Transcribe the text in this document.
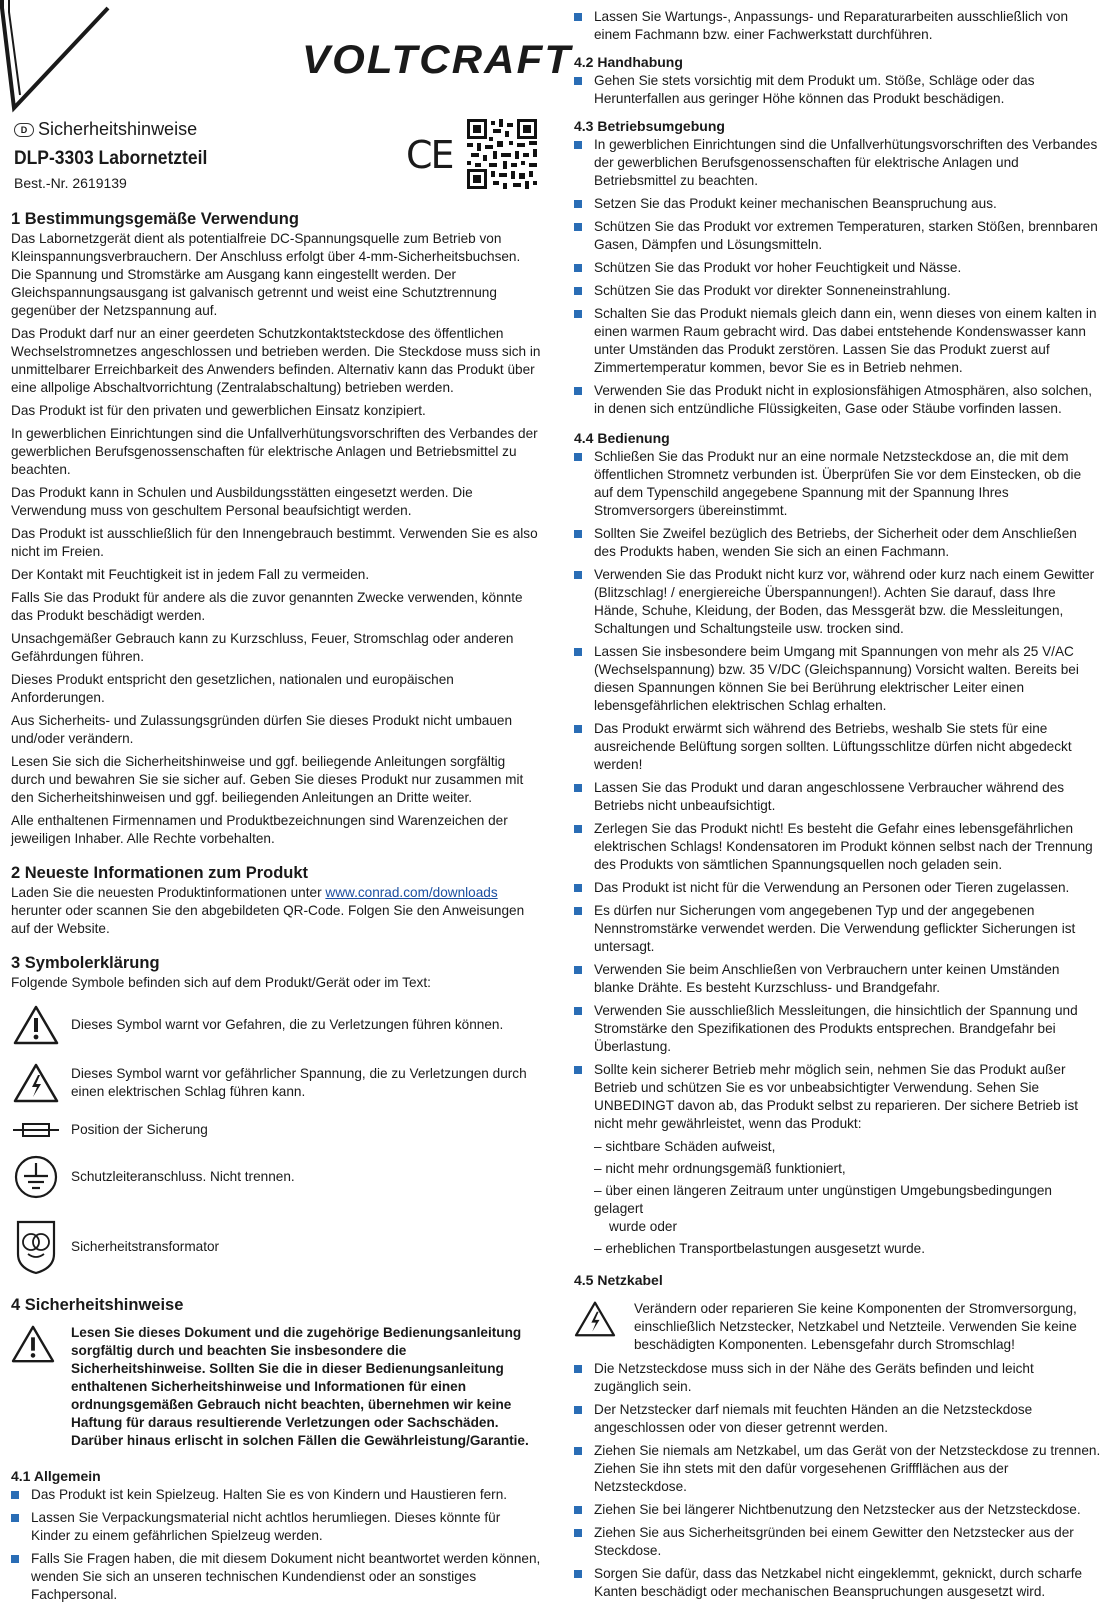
VOLTCRAFT
D Sicherheitshinweise
DLP-3303 Labornetzteil
Best.-Nr. 2619139
CE
1 Bestimmungsgemäße Verwendung

Das Labornetzgerät dient als potentialfreie DC-Spannungsquelle zum Betrieb von Kleinspannungsverbrauchern. Der Anschluss erfolgt über 4-mm-Sicherheitsbuchsen. Die Spannung und Stromstärke am Ausgang kann eingestellt werden. Der Gleichspannungsausgang ist galvanisch getrennt und weist eine Schutztrennung gegenüber der Netzspannung auf.

Das Produkt darf nur an einer geerdeten Schutzkontaktsteckdose des öffentlichen Wechselstromnetzes angeschlossen und betrieben werden. Die Steckdose muss sich in unmittelbarer Erreichbarkeit des Anwenders befinden. Alternativ kann das Produkt über eine allpolige Abschaltvorrichtung (Zentralabschaltung) betrieben werden.

Das Produkt ist für den privaten und gewerblichen Einsatz konzipiert.

In gewerblichen Einrichtungen sind die Unfallverhütungsvorschriften des Verbandes der gewerblichen Berufsgenossenschaften für elektrische Anlagen und Betriebsmittel zu beachten.

Das Produkt kann in Schulen und Ausbildungsstätten eingesetzt werden. Die Verwendung muss von geschultem Personal beaufsichtigt werden.

Das Produkt ist ausschließlich für den Innengebrauch bestimmt. Verwenden Sie es also nicht im Freien.

Der Kontakt mit Feuchtigkeit ist in jedem Fall zu vermeiden.

Falls Sie das Produkt für andere als die zuvor genannten Zwecke verwenden, könnte das Produkt beschädigt werden.

Unsachgemäßer Gebrauch kann zu Kurzschluss, Feuer, Stromschlag oder anderen Gefährdungen führen.

Dieses Produkt entspricht den gesetzlichen, nationalen und europäischen Anforderungen.

Aus Sicherheits- und Zulassungsgründen dürfen Sie dieses Produkt nicht umbauen und/oder verändern.

Lesen Sie sich die Sicherheitshinweise und ggf. beiliegende Anleitungen sorgfältig durch und bewahren Sie sie sicher auf. Geben Sie dieses Produkt nur zusammen mit den Sicherheitshinweisen und ggf. beiliegenden Anleitungen an Dritte weiter.

Alle enthaltenen Firmennamen und Produktbezeichnungen sind Warenzeichen der jeweiligen Inhaber. Alle Rechte vorbehalten.

2 Neueste Informationen zum Produkt

Laden Sie die neuesten Produktinformationen unter www.conrad.com/downloads herunter oder scannen Sie den abgebildeten QR-Code. Folgen Sie den Anweisungen auf der Website.

3 Symbolerklärung

Folgende Symbole befinden sich auf dem Produkt/Gerät oder im Text:

Dieses Symbol warnt vor Gefahren, die zu Verletzungen führen können.
Dieses Symbol warnt vor gefährlicher Spannung, die zu Verletzungen durch einen elektrischen Schlag führen kann.
Position der Sicherung
Schutzleiteranschluss. Nicht trennen.
Sicherheitstransformator
4 Sicherheitshinweise
Lesen Sie dieses Dokument und die zugehörige Bedienungsanleitung sorgfältig durch und beachten Sie insbesondere die Sicherheitshinweise. Sollten Sie die in dieser Bedienungsanleitung enthaltenen Sicherheitshinweise und Informationen für einen ordnungsgemäßen Gebrauch nicht beachten, übernehmen wir keine Haftung für daraus resultierende Verletzungen oder Sachschäden. Darüber hinaus erlischt in solchen Fällen die Gewährleistung/Garantie.
4.1 Allgemein
Das Produkt ist kein Spielzeug. Halten Sie es von Kindern und Haustieren fern.
Lassen Sie Verpackungsmaterial nicht achtlos herumliegen. Dieses könnte für Kinder zu einem gefährlichen Spielzeug werden.
Falls Sie Fragen haben, die mit diesem Dokument nicht beantwortet werden können, wenden Sie sich an unseren technischen Kundendienst oder an sonstiges Fachpersonal.
Lassen Sie Wartungs-, Anpassungs- und Reparaturarbeiten ausschließlich von einem Fachmann bzw. einer Fachwerkstatt durchführen.
4.2 Handhabung
Gehen Sie stets vorsichtig mit dem Produkt um. Stöße, Schläge oder das Herunterfallen aus geringer Höhe können das Produkt beschädigen.
4.3 Betriebsumgebung
In gewerblichen Einrichtungen sind die Unfallverhütungsvorschriften des Verbandes der gewerblichen Berufsgenossenschaften für elektrische Anlagen und Betriebsmittel zu beachten.
Setzen Sie das Produkt keiner mechanischen Beanspruchung aus.
Schützen Sie das Produkt vor extremen Temperaturen, starken Stößen, brennbaren Gasen, Dämpfen und Lösungsmitteln.
Schützen Sie das Produkt vor hoher Feuchtigkeit und Nässe.
Schützen Sie das Produkt vor direkter Sonneneinstrahlung.
Schalten Sie das Produkt niemals gleich dann ein, wenn dieses von einem kalten in einen warmen Raum gebracht wird. Das dabei entstehende Kondenswasser kann unter Umständen das Produkt zerstören. Lassen Sie das Produkt zuerst auf Zimmertemperatur kommen, bevor Sie es in Betrieb nehmen.
Verwenden Sie das Produkt nicht in explosionsfähigen Atmosphären, also solchen, in denen sich entzündliche Flüssigkeiten, Gase oder Stäube vorfinden lassen.
4.4 Bedienung
Schließen Sie das Produkt nur an eine normale Netzsteckdose an, die mit dem öffentlichen Stromnetz verbunden ist. Überprüfen Sie vor dem Einstecken, ob die auf dem Typenschild angegebene Spannung mit der Spannung Ihres Stromversorgers übereinstimmt.
Sollten Sie Zweifel bezüglich des Betriebs, der Sicherheit oder dem Anschließen des Produkts haben, wenden Sie sich an einen Fachmann.
Verwenden Sie das Produkt nicht kurz vor, während oder kurz nach einem Gewitter (Blitzschlag! / energiereiche Überspannungen!). Achten Sie darauf, dass Ihre Hände, Schuhe, Kleidung, der Boden, das Messgerät bzw. die Messleitungen, Schaltungen und Schaltungsteile usw. trocken sind.
Lassen Sie insbesondere beim Umgang mit Spannungen von mehr als 25 V/AC (Wechselspannung) bzw. 35 V/DC (Gleichspannung) Vorsicht walten. Bereits bei diesen Spannungen können Sie bei Berührung elektrischer Leiter einen lebensgefährlichen elektrischen Schlag erhalten.
Das Produkt erwärmt sich während des Betriebs, weshalb Sie stets für eine ausreichende Belüftung sorgen sollten. Lüftungsschlitze dürfen nicht abgedeckt werden!
Lassen Sie das Produkt und daran angeschlossene Verbraucher während des Betriebs nicht unbeaufsichtigt.
Zerlegen Sie das Produkt nicht! Es besteht die Gefahr eines lebensgefährlichen elektrischen Schlags! Kondensatoren im Produkt können selbst nach der Trennung des Produkts von sämtlichen Spannungsquellen noch geladen sein.
Das Produkt ist nicht für die Verwendung an Personen oder Tieren zugelassen.
Es dürfen nur Sicherungen vom angegebenen Typ und der angegebenen Nennstromstärke verwendet werden. Die Verwendung geflickter Sicherungen ist untersagt.
Verwenden Sie beim Anschließen von Verbrauchern unter keinen Umständen blanke Drähte. Es besteht Kurzschluss- und Brandgefahr.
Verwenden Sie ausschließlich Messleitungen, die hinsichtlich der Spannung und Stromstärke den Spezifikationen des Produkts entsprechen. Brandgefahr bei Überlastung.
Sollte kein sicherer Betrieb mehr möglich sein, nehmen Sie das Produkt außer Betrieb und schützen Sie es vor unbeabsichtigter Verwendung. Sehen Sie UNBEDINGT davon ab, das Produkt selbst zu reparieren. Der sichere Betrieb ist nicht mehr gewährleistet, wenn das Produkt:
– sichtbare Schäden aufweist,
– nicht mehr ordnungsgemäß funktioniert,
– über einen längeren Zeitraum unter ungünstigen Umgebungsbedingungen gelagert
wurde oder
– erheblichen Transportbelastungen ausgesetzt wurde.
4.5 Netzkabel
Verändern oder reparieren Sie keine Komponenten der Stromversorgung, einschließlich Netzstecker, Netzkabel und Netzteile. Verwenden Sie keine beschädigten Komponenten. Lebensgefahr durch Stromschlag!
Die Netzsteckdose muss sich in der Nähe des Geräts befinden und leicht zugänglich sein.
Der Netzstecker darf niemals mit feuchten Händen an die Netzsteckdose angeschlossen oder von dieser getrennt werden.
Ziehen Sie niemals am Netzkabel, um das Gerät von der Netzsteckdose zu trennen. Ziehen Sie ihn stets mit den dafür vorgesehenen Griffflächen aus der Netzsteckdose.
Ziehen Sie bei längerer Nichtbenutzung den Netzstecker aus der Netzsteckdose.
Ziehen Sie aus Sicherheitsgründen bei einem Gewitter den Netzstecker aus der Steckdose.
Sorgen Sie dafür, dass das Netzkabel nicht eingeklemmt, geknickt, durch scharfe Kanten beschädigt oder mechanischen Beanspruchungen ausgesetzt wird.
